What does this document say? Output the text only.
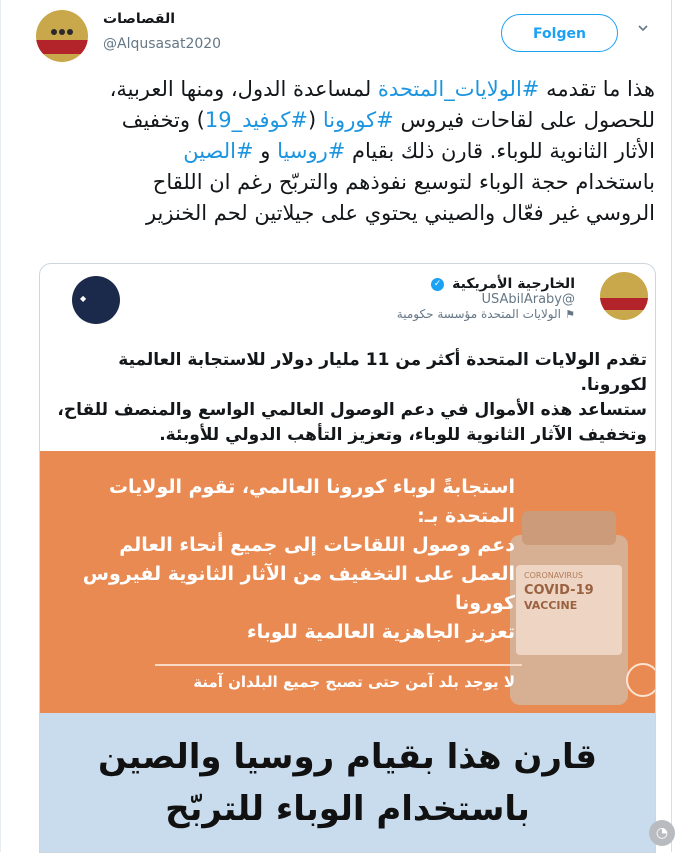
القصاصات
@Alqusasat2020
Folgen
هذا ما تقدمه #الولايات_المتحدة لمساعدة الدول، ومنها العربية،
للحصول على لقاحات فيروس #كورونا (#كوفيد_19) وتخفيف
الأثار الثانوية للوباء. قارن ذلك بقيام #روسيا و #الصين
باستخدام حجة الوباء لتوسيع نفوذهم والتربّح رغم ان اللقاح
الروسي غير فعّال والصيني يحتوي على جيلاتين لحم الخنزير
◆
الخارجية الأمريكية ✓
@USAbilAraby
⚑ الولايات المتحدة مؤسسة حكومية
تقدم الولايات المتحدة أكثر من 11 مليار دولار للاستجابة العالمية لكورونا.
ستساعد هذه الأموال في دعم الوصول العالمي الواسع والمنصف للقاح،
وتخفيف الآثار الثانوية للوباء، وتعزيز التأهب الدولي للأوبئة.
CORONAVIRUS
COVID-19
VACCINE
استجابةً لوباء كورونا العالمي، تقوم الولايات
المتحدة بـ:
دعم وصول اللقاحات إلى جميع أنحاء العالم
العمل على التخفيف من الآثار الثانوية لفيروس
كورونا
تعزيز الجاهزية العالمية للوباء
لا يوجد بلد آمن حتى تصبح جميع البلدان آمنة
قارن هذا بقيام روسيا والصين
باستخدام الوباء للتربّح
◔
